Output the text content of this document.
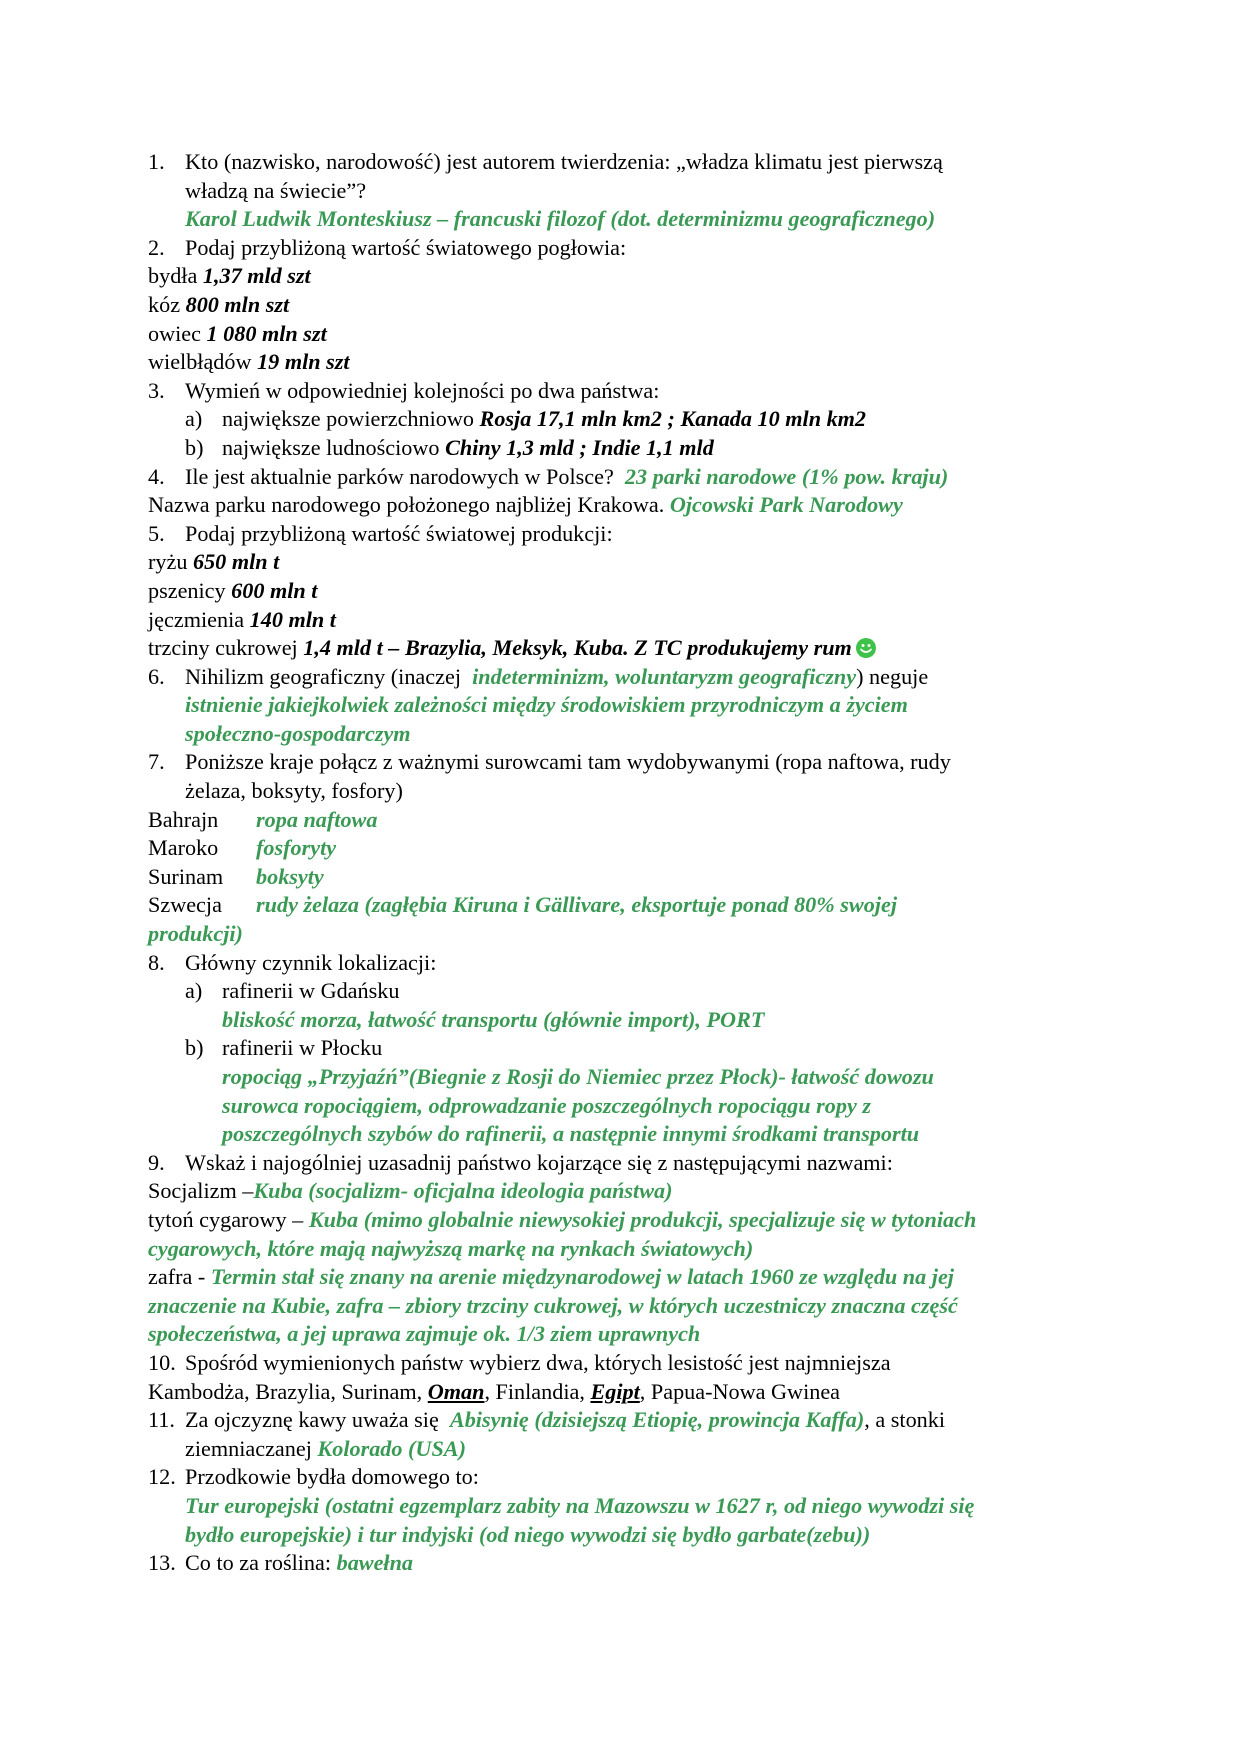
1. Kto (nazwisko, narodowość) jest autorem twierdzenia: „władza klimatu jest pierwszą
władzą na świecie”?
Karol Ludwik Monteskiusz – francuski filozof (dot. determinizmu geograficznego)
2. Podaj przybliżoną wartość światowego pogłowia:
bydła 1,37 mld szt
kóz 800 mln szt
owiec 1 080 mln szt
wielbłądów 19 mln szt
3. Wymień w odpowiedniej kolejności po dwa państwa:
a) największe powierzchniowo Rosja 17,1 mln km2 ; Kanada 10 mln km2
b) największe ludnościowo Chiny 1,3 mld ; Indie 1,1 mld
4. Ile jest aktualnie parków narodowych w Polsce? 23 parki narodowe (1% pow. kraju)
Nazwa parku narodowego położonego najbliżej Krakowa. Ojcowski Park Narodowy
5. Podaj przybliżoną wartość światowej produkcji:
ryżu 650 mln t
pszenicy 600 mln t
jęczmienia 140 mln t
trzciny cukrowej 1,4 mld t – Brazylia, Meksyk, Kuba. Z TC produkujemy rum
6. Nihilizm geograficzny (inaczej indeterminizm, woluntaryzm geograficzny) neguje
istnienie jakiejkolwiek zależności między środowiskiem przyrodniczym a życiem
społeczno-gospodarczym
7. Poniższe kraje połącz z ważnymi surowcami tam wydobywanymi (ropa naftowa, rudy
żelaza, boksyty, fosfory)
Bahrajn ropa naftowa
Maroko fosforyty
Surinam boksyty
Szwecja rudy żelaza (zagłębia Kiruna i Gällivare, eksportuje ponad 80% swojej
produkcji)
8. Główny czynnik lokalizacji:
a) rafinerii w Gdańsku
bliskość morza, łatwość transportu (głównie import), PORT
b) rafinerii w Płocku
ropociąg „Przyjaźń”(Biegnie z Rosji do Niemiec przez Płock)- łatwość dowozu
surowca ropociągiem, odprowadzanie poszczególnych ropociągu ropy z
poszczególnych szybów do rafinerii, a następnie innymi środkami transportu
9. Wskaż i najogólniej uzasadnij państwo kojarzące się z następującymi nazwami:
Socjalizm –Kuba (socjalizm- oficjalna ideologia państwa)
tytoń cygarowy – Kuba (mimo globalnie niewysokiej produkcji, specjalizuje się w tytoniach
cygarowych, które mają najwyższą markę na rynkach światowych)
zafra - Termin stał się znany na arenie międzynarodowej w latach 1960 ze względu na jej
znaczenie na Kubie, zafra – zbiory trzciny cukrowej, w których uczestniczy znaczna część
społeczeństwa, a jej uprawa zajmuje ok. 1/3 ziem uprawnych
10. Spośród wymienionych państw wybierz dwa, których lesistość jest najmniejsza
Kambodża, Brazylia, Surinam, Oman, Finlandia, Egipt, Papua-Nowa Gwinea
11. Za ojczyznę kawy uważa się Abisynię (dzisiejszą Etiopię, prowincja Kaffa), a stonki
ziemniaczanej Kolorado (USA)
12. Przodkowie bydła domowego to:
Tur europejski (ostatni egzemplarz zabity na Mazowszu w 1627 r, od niego wywodzi się
bydło europejskie) i tur indyjski (od niego wywodzi się bydło garbate(zebu))
13. Co to za roślina: bawełna
